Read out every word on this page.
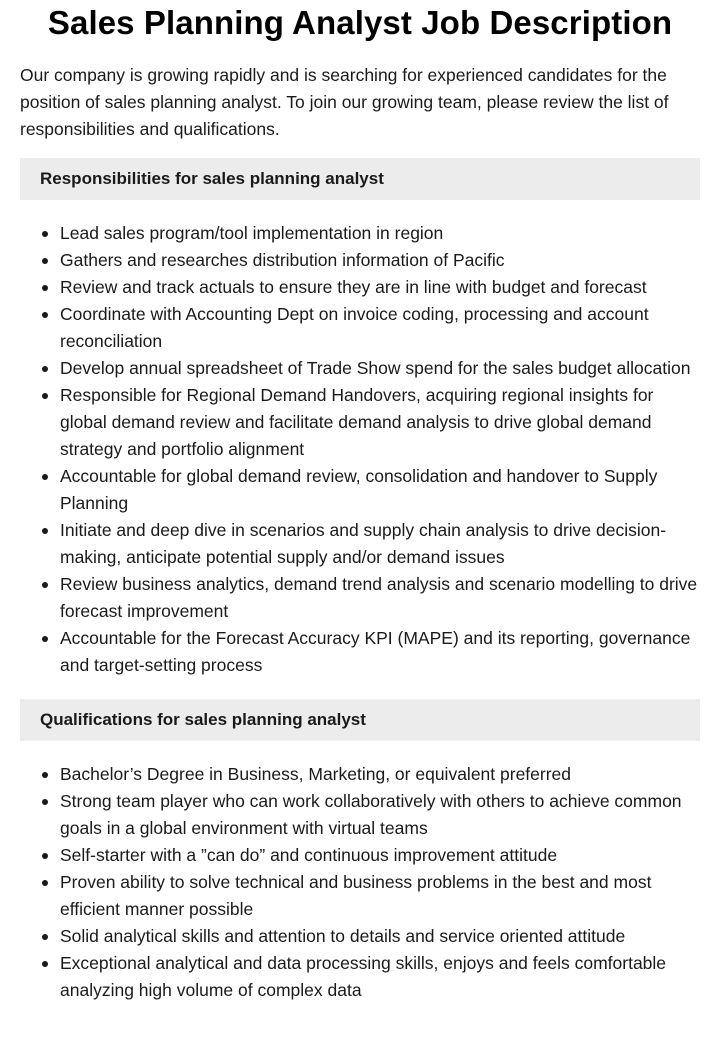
Sales Planning Analyst Job Description

Our company is growing rapidly and is searching for experienced candidates for the position of sales planning analyst. To join our growing team, please review the list of responsibilities and qualifications.

Responsibilities for sales planning analyst
Lead sales program/tool implementation in region
Gathers and researches distribution information of Pacific
Review and track actuals to ensure they are in line with budget and forecast
Coordinate with Accounting Dept on invoice coding, processing and account reconciliation
Develop annual spreadsheet of Trade Show spend for the sales budget allocation
Responsible for Regional Demand Handovers, acquiring regional insights for global demand review and facilitate demand analysis to drive global demand strategy and portfolio alignment
Accountable for global demand review, consolidation and handover to Supply Planning
Initiate and deep dive in scenarios and supply chain analysis to drive decision-making, anticipate potential supply and/or demand issues
Review business analytics, demand trend analysis and scenario modelling to drive forecast improvement
Accountable for the Forecast Accuracy KPI (MAPE) and its reporting, governance and target-setting process
Qualifications for sales planning analyst
Bachelor’s Degree in Business, Marketing, or equivalent preferred
Strong team player who can work collaboratively with others to achieve common goals in a global environment with virtual teams
Self-starter with a ”can do” and continuous improvement attitude
Proven ability to solve technical and business problems in the best and most efficient manner possible
Solid analytical skills and attention to details and service oriented attitude
Exceptional analytical and data processing skills, enjoys and feels comfortable analyzing high volume of complex data
